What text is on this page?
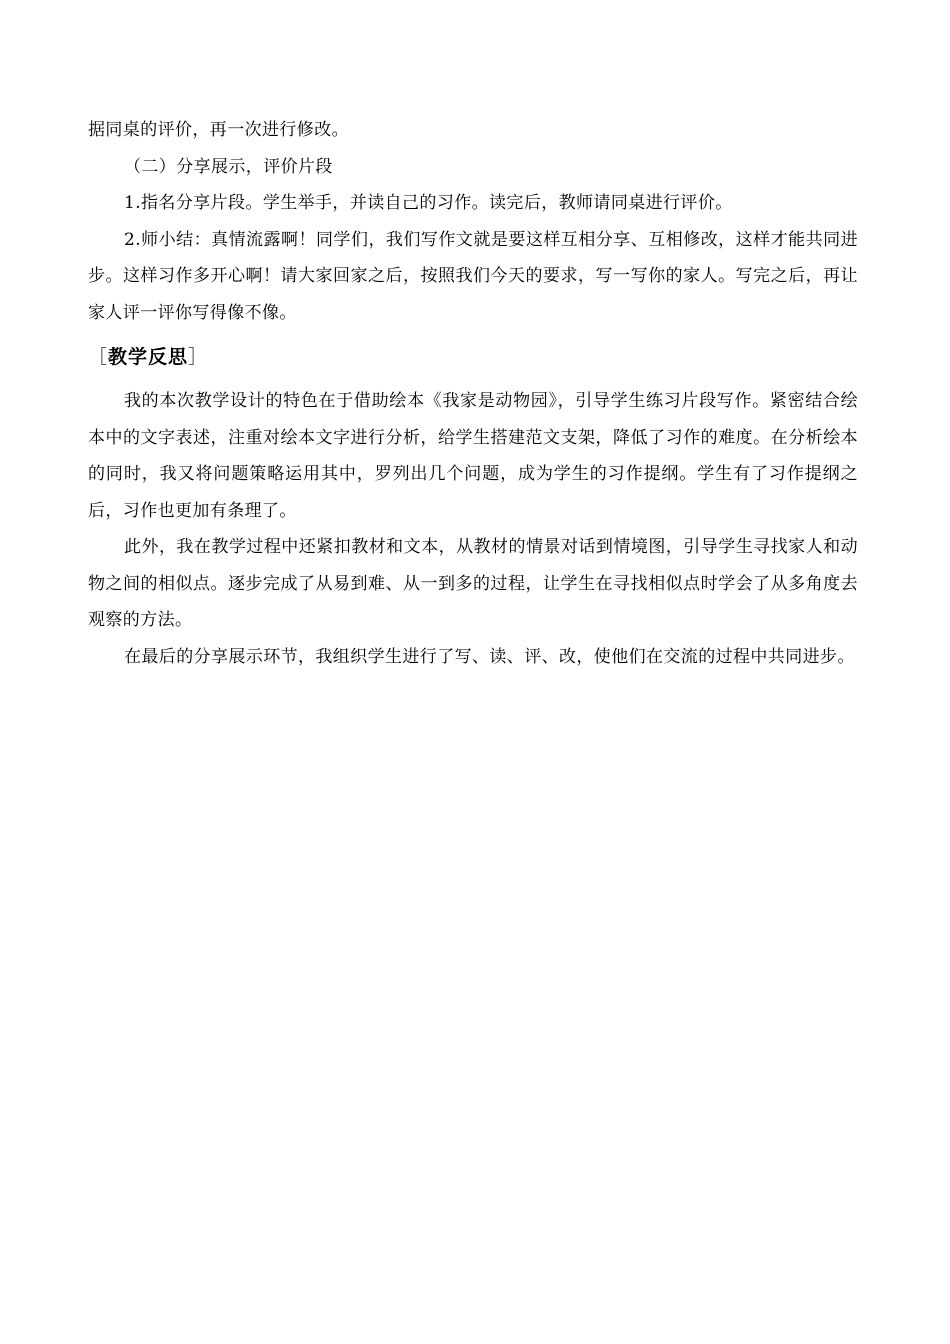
据同桌的评价，再一次进行修改。

（二）分享展示，评价片段

1.指名分享片段。学生举手，并读自己的习作。读完后，教师请同桌进行评价。

2.师小结：真情流露啊！同学们，我们写作文就是要这样互相分享、互相修改，这样才能共同进步。这样习作多开心啊！请大家回家之后，按照我们今天的要求，写一写你的家人。写完之后，再让家人评一评你写得像不像。

［教学反思］

我的本次教学设计的特色在于借助绘本《我家是动物园》，引导学生练习片段写作。紧密结合绘本中的文字表述，注重对绘本文字进行分析，给学生搭建范文支架，降低了习作的难度。在分析绘本的同时，我又将问题策略运用其中，罗列出几个问题，成为学生的习作提纲。学生有了习作提纲之后，习作也更加有条理了。

此外，我在教学过程中还紧扣教材和文本，从教材的情景对话到情境图，引导学生寻找家人和动物之间的相似点。逐步完成了从易到难、从一到多的过程，让学生在寻找相似点时学会了从多角度去观察的方法。

在最后的分享展示环节，我组织学生进行了写、读、评、改，使他们在交流的过程中共同进步。
